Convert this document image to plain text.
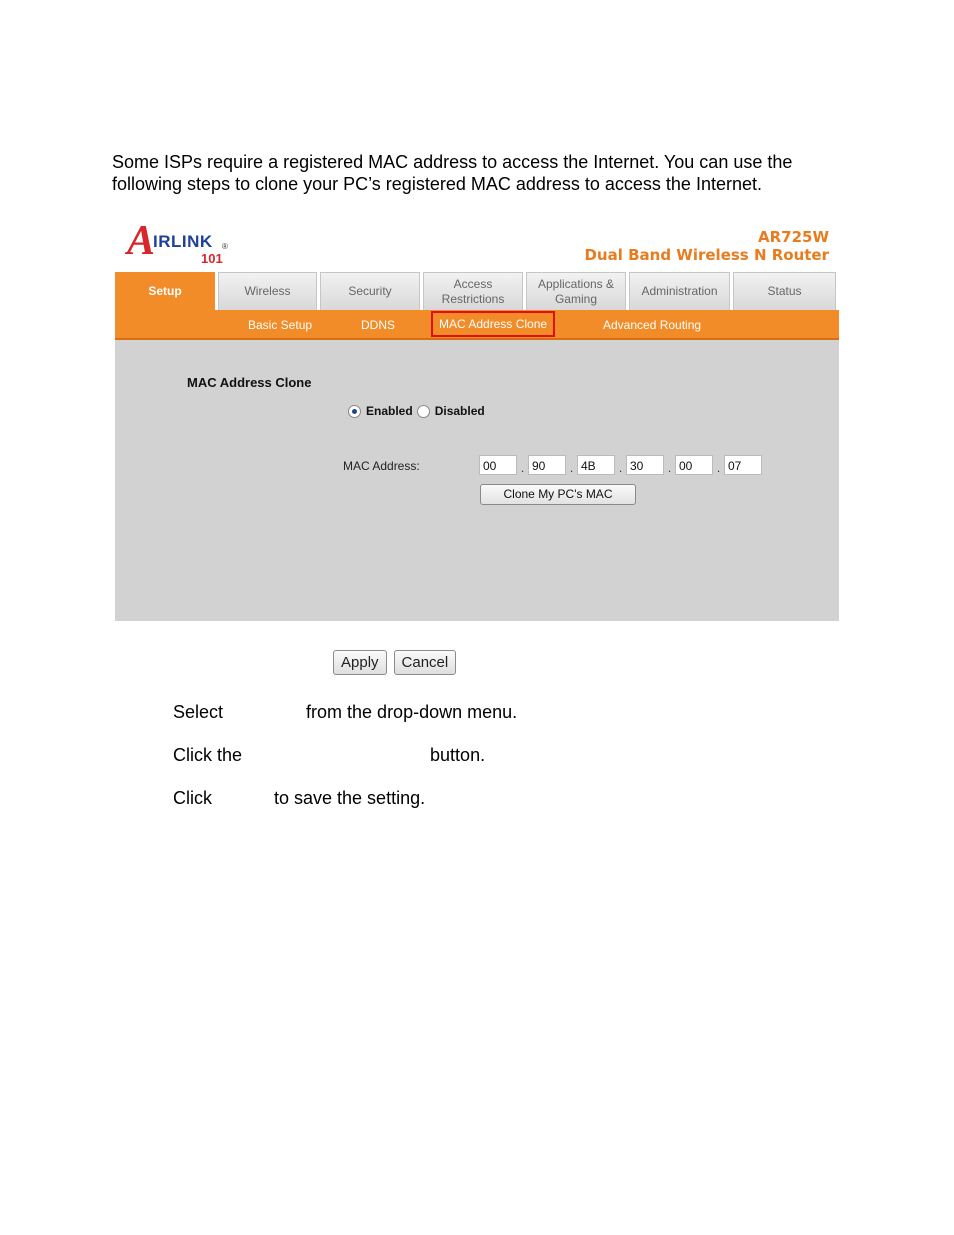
Some ISPs require a registered MAC address to access the Internet. You can use the

following steps to clone your PC’s registered MAC address to access the Internet.

A
IRLINK
101
®
AR725W
Dual Band Wireless N Router
Setup	Wireless	Security
Access
Restrictions
Applications &
Gaming
Administration	Status
Basic Setup	DDNS	MAC Address Clone	Advanced Routing
MAC Address Clone
Enabled Disabled
MAC Address:	00	. 90	. 4B	. 30	. 00	. 07
Clone My PC's MAC
Apply	Cancel
Select	from the drop-down menu.
Click the	button.
Click	to save the setting.
